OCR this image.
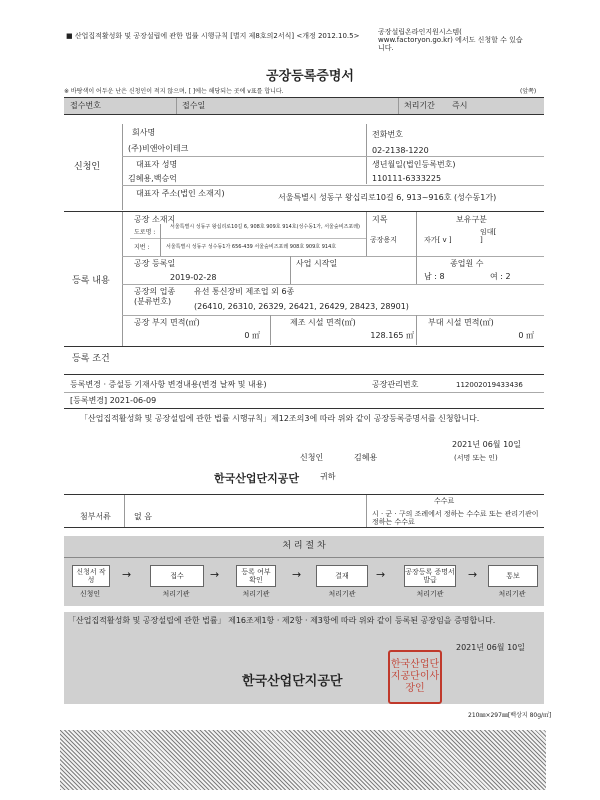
■ 산업집적활성화 및 공장설립에 관한 법률 시행규칙 [별지 제8호의2서식] <개정 2012.10.5>	공장설립온라인지원시스템(
www.factoryon.go.kr) 에서도 신청할 수 있습
니다.
공장등록증명서
※ 바탕색이 어두운 난은 신청인이 적지 않으며, [ ]에는 해당되는 곳에 v표를 합니다.	(앞쪽)
접수번호	접수일	처리기간 즉시
신청인
회사명
(주)비앤아이테크
전화번호
02-2138-1220
대표자 성명
김혜용,백승억
생년월일(법인등록번호)
110111-6333225
대표자 주소(법인 소재지)	서울특별시 성동구 왕십리로10길 6, 913~916호 (성수동1가)
등록 내용
공장 소재지
도로명 :
서울특별시 성동구 왕십리로10길 6, 908호 909호 914호(성수동1가, 서울숲비즈포레)
지번 :	서울특별시 성동구 성수동1가 656-439 서울숲비즈포레 908호 909호 914호
지목
공장용지
보유구분
자가[ v ]
임대[
]
공장 등록일
2019-02-28
사업 시작일	종업원 수
남 : 8	여 : 2
공장의 업종 (분류번호)
유선 통신장비 제조업 외 6종
(26410, 26310, 26329, 26421, 26429, 28423, 28901)
공장 부지 면적(㎡)
0 ㎡
제조 시설 면적(㎡)
128.165 ㎡
부대 시설 면적(㎡)
0 ㎡
등록 조건
등록변경 · 증설등 기재사항 변경내용(변경 날짜 및 내용)	공장관리번호	112002019433436
[등록변경] 2021-06-09
「산업집적활성화 및 공장설립에 관한 법률 시행규칙」제12조의3에 따라 위와 같이 공장등록증명서를 신청합니다.
2021년 06월 10일
신청인	김혜용	(서명 또는 인)
한국산업단지공단	귀하
첨부서류	없 음
수수료
시 · 군 · 구의 조례에서 정하는 수수료 또는 관리기관이 정하는 수수료
처 리 절 차
신청서 작성	→	접수	→	등록 여부 확인	→	결재	→	공장등록 증명서발급	→	통보
신청인	처리기관	처리기관	처리기관	처리기관	처리기관
「산업집적활성화 및 공장설립에 관한 법률」 제16조제1항 · 제2항 · 제3항에 따라 위와 같이 등록된 공장임을 증명합니다.
2021년 06월 10일
한국산업단지공단
한국산업단지공단이사장인
210㎜×297㎜[백상지 80g/㎡]
